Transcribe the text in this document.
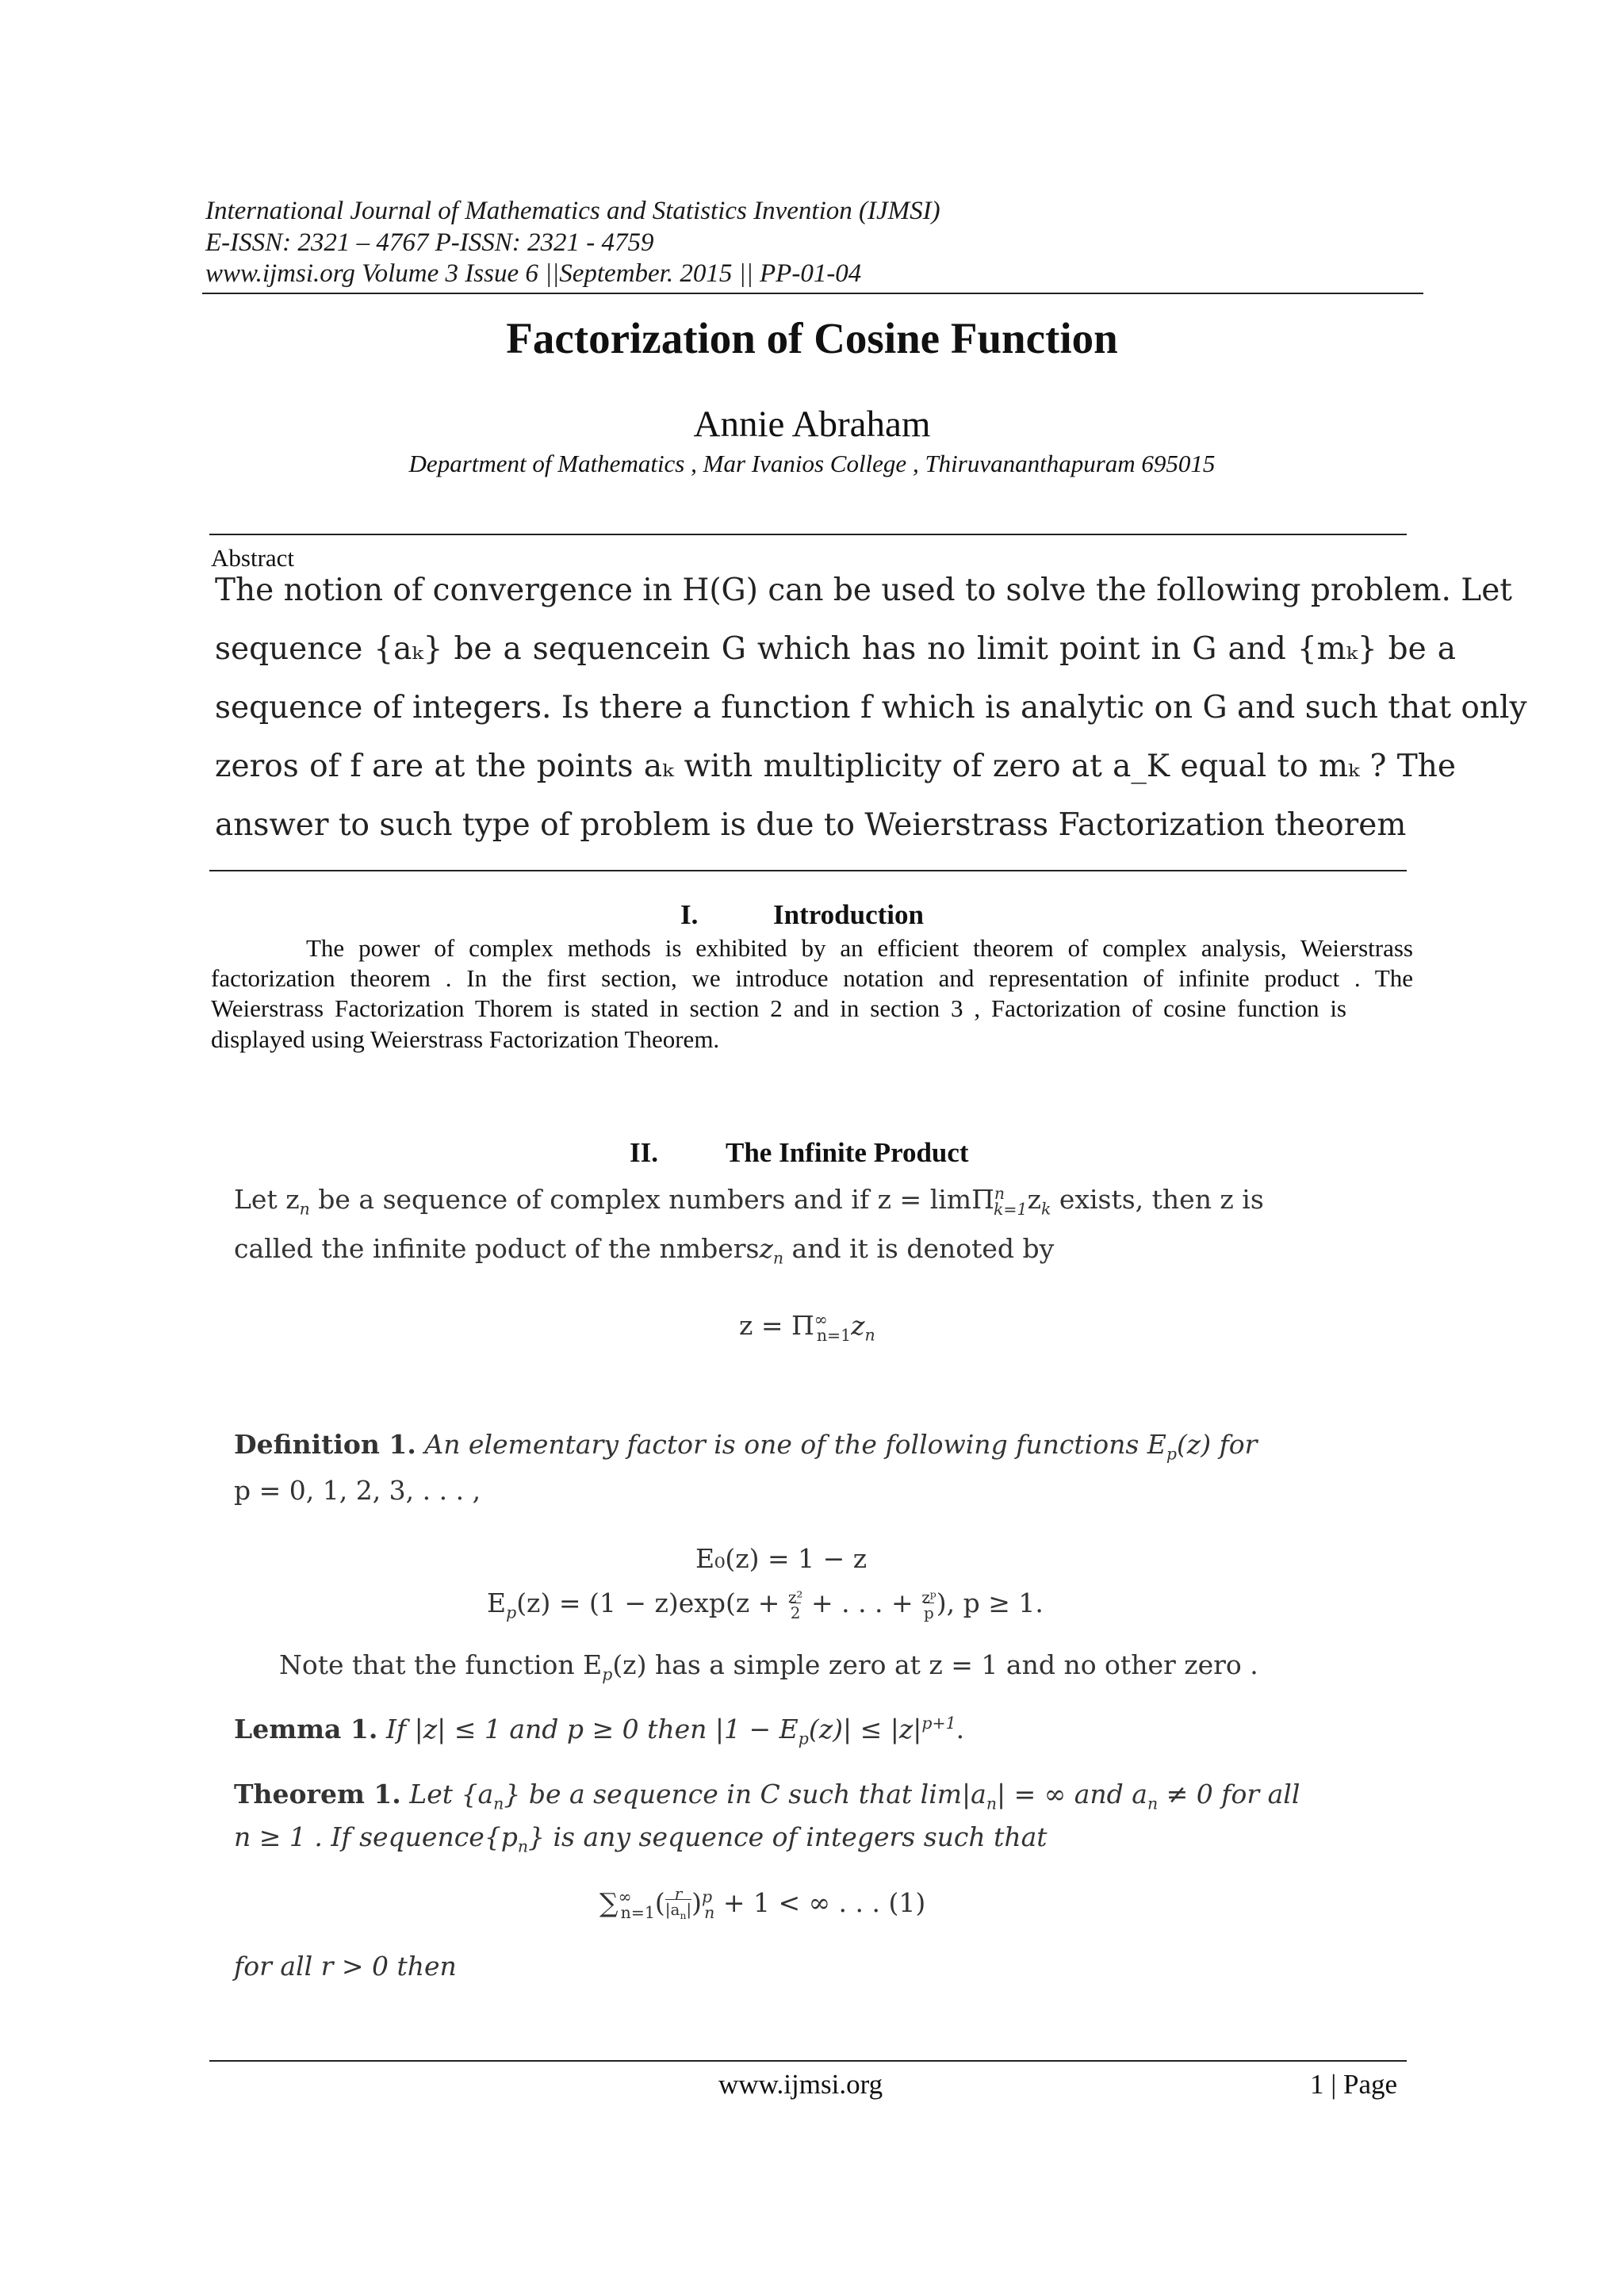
International Journal of Mathematics and Statistics Invention (IJMSI)
E-ISSN: 2321 – 4767 P-ISSN: 2321 - 4759
www.ijmsi.org Volume 3 Issue 6 ||September. 2015 || PP-01-04
Factorization of Cosine Function
Annie Abraham
Department of Mathematics , Mar Ivanios College , Thiruvananthapuram 695015
Abstract
The notion of convergence in H(G) can be used to solve the following problem. Let
sequence {aₖ} be a sequencein G which has no limit point in G and {mₖ} be a
sequence of integers. Is there a function f which is analytic on G and such that only
zeros of f are at the points aₖ with multiplicity of zero at a_K equal to mₖ ? The
answer to such type of problem is due to Weierstrass Factorization theorem
I.	Introduction
The power of complex methods is exhibited by an efficient theorem of complex analysis, Weierstrass
factorization theorem . In the first section, we introduce notation and representation of infinite product . The
Weierstrass Factorization Thorem is stated in section 2 and in section 3 , Factorization of cosine function is
displayed using Weierstrass Factorization Theorem.
II. The Infinite Product
Let $z_n$ be a sequence of complex numbers and if $z = \lim\Pi^n_{k=1}z_k$ exists, then z is
called the infinite poduct of the nmbersz$_n$ and it is denoted by
$z = \Pi^\infty_{n=1}z_n$
Definition 1. An elementary factor is one of the following functions $E_p(z)$ for
p = 0, 1, 2, 3, . . . ,
E₀(z) = 1 − z
$E_p(z) = (1 - z)\exp(z + \frac{\text{z²}}{2}$ + . . . + $\frac{\text{zᵖ}}{p}$), p ≥ 1.
Note that the function $E_p(z)$ has a simple zero at z = 1 and no other zero .
Lemma 1. If |z| ≤ 1 and p ≥ 0 then $|1 - E_p(z)| \le |z|^{p+1}$.
Theorem 1. Let $\{a_n\}$ be a sequence in C such that $\lim|a_n|$ = ∞ and $a_n \ne 0$ for all
n ≥ 1 . If $sequence\{p_n\}$ is any sequence of integers such that
$\sum^\infty_{n=1}(\frac{r}{|a_n|})^p_n + 1$ < ∞ . . . (1)
for all r > 0 then
www.ijmsi.org	1 | Page
